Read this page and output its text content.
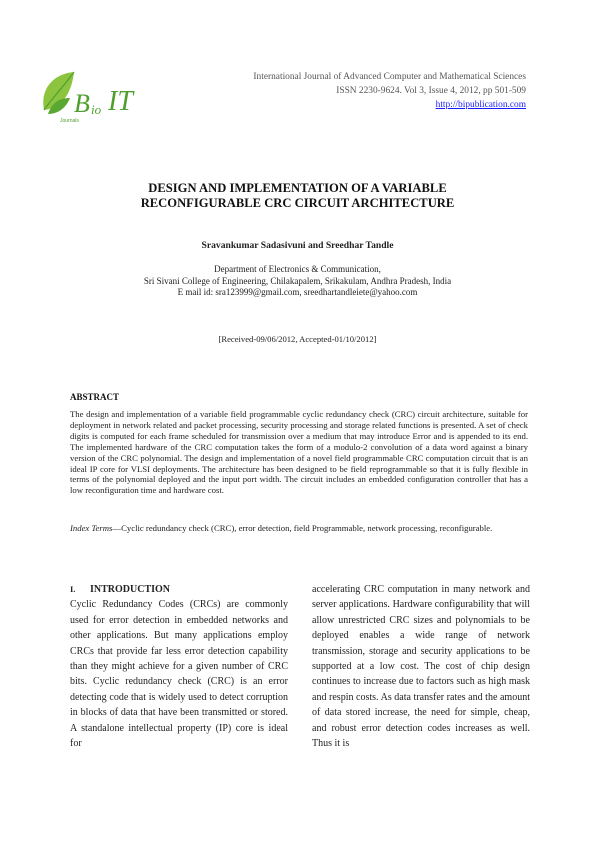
B io IT
Journals
International Journal of Advanced Computer and Mathematical Sciences
ISSN 2230-9624. Vol 3, Issue 4, 2012, pp 501-509
http://bipublication.com
DESIGN AND IMPLEMENTATION OF A VARIABLE
RECONFIGURABLE CRC CIRCUIT ARCHITECTURE
Sravankumar Sadasivuni and Sreedhar Tandle
Department of Electronics & Communication,
Sri Sivani College of Engineering, Chilakapalem, Srikakulam, Andhra Pradesh, India
E mail id: sra123999@gmail.com, sreedhartandleiete@yahoo.com
[Received-09/06/2012, Accepted-01/10/2012]
ABSTRACT

The design and implementation of a variable field programmable cyclic redundancy check (CRC) circuit architecture, suitable for deployment in network related and packet processing, security processing and storage related functions is presented. A set of check digits is computed for each frame scheduled for transmission over a medium that may introduce Error and is appended to its end. The implemented hardware of the CRC computation takes the form of a modulo-2 convolution of a data word against a binary version of the CRC polynomial. The design and implementation of a novel field programmable CRC computation circuit that is an ideal IP core for VLSI deployments. The architecture has been designed to be field reprogrammable so that it is fully flexible in terms of the polynomial deployed and the input port width. The circuit includes an embedded configuration controller that has a low reconfiguration time and hardware cost.

Index Terms—Cyclic redundancy check (CRC), error detection, field Programmable, network processing, reconfigurable.

I. INTRODUCTION

Cyclic Redundancy Codes (CRCs) are commonly used for error detection in embedded networks and other applications. But many applications employ CRCs that provide far less error detection capability than they might achieve for a given number of CRC bits. Cyclic redundancy check (CRC) is an error detecting code that is widely used to detect corruption in blocks of data that have been transmitted or stored. A standalone intellectual property (IP) core is ideal for

accelerating CRC computation in many network and server applications. Hardware configurability that will allow unrestricted CRC sizes and polynomials to be deployed enables a wide range of network transmission, storage and security applications to be supported at a low cost. The cost of chip design continues to increase due to factors such as high mask and respin costs. As data transfer rates and the amount of data stored increase, the need for simple, cheap, and robust error detection codes increases as well. Thus it is
